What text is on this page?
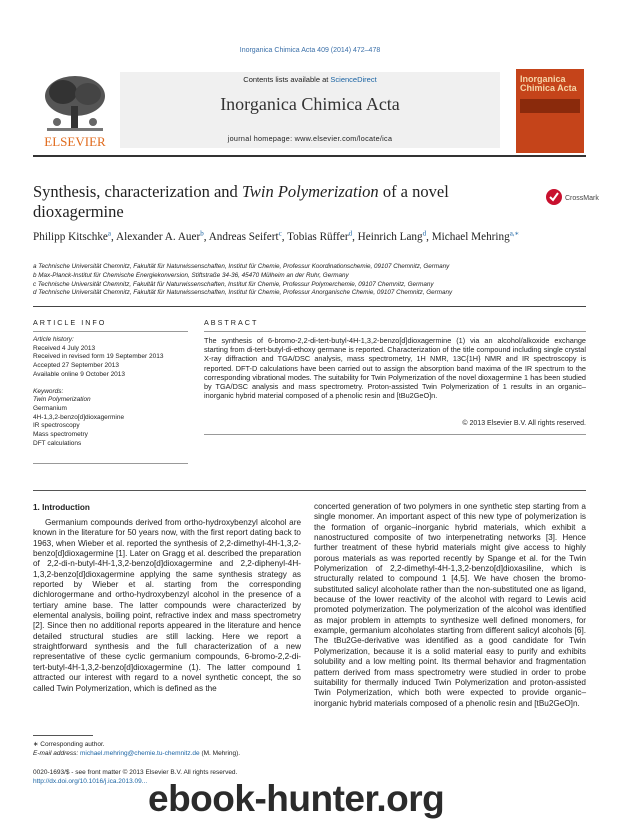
Inorganica Chimica Acta 409 (2014) 472–478
Contents lists available at ScienceDirect
Inorganica Chimica Acta
journal homepage: www.elsevier.com/locate/ica
ELSEVIER
Inorganica Chimica Acta
Synthesis, characterization and Twin Polymerization of a novel dioxagermine
CrossMark
Philipp Kitschke$^a$, Alexander A. Auer$^b$, Andreas Seifert$^c$, Tobias Rüffer$^d$, Heinrich Lang$^d$, Michael Mehring$^{a,∗}$
a Technische Universität Chemnitz, Fakultät für Naturwissenschaften, Institut für Chemie, Professur Koordinationschemie, 09107 Chemnitz, Germany
b Max-Planck-Institut für Chemische Energiekonversion, Stiftstraße 34-36, 45470 Mülheim an der Ruhr, Germany
c Technische Universität Chemnitz, Fakultät für Naturwissenschaften, Institut für Chemie, Professur Polymerchemie, 09107 Chemnitz, Germany
d Technische Universität Chemnitz, Fakultät für Naturwissenschaften, Institut für Chemie, Professur Anorganische Chemie, 09107 Chemnitz, Germany
ARTICLE INFO	ABSTRACT
Article history:
Received 4 July 2013
Received in revised form 19 September 2013
Accepted 27 September 2013
Available online 9 October 2013
Keywords:
Twin Polymerization
Germanium
4H-1,3,2-benzo[d]dioxagermine
IR spectroscopy
Mass spectrometry
DFT calculations
The synthesis of 6-bromo-2,2-di-tert-butyl-4H-1,3,2-benzo[d]dioxagermine (1) via an alcohol/alkoxide exchange starting from di-tert-butyl-di-ethoxy germane is reported. Characterization of the title compound including single crystal X-ray diffraction and TGA/DSC analysis, mass spectrometry, 1H NMR, 13C{1H} NMR and IR spectroscopy is reported. DFT-D calculations have been carried out to assign the absorption band maxima of the IR spectrum to the corresponding vibrational modes. The suitability for Twin Polymerization of the novel dioxagermine 1 has been studied by TGA/DSC analysis and mass spectrometry. Proton-assisted Twin Polymerization of 1 results in an organic–inorganic hybrid material composed of a phenolic resin and [tBu2GeO]n.
© 2013 Elsevier B.V. All rights reserved.
1. Introduction
Germanium compounds derived from ortho-hydroxybenzyl alcohol are known in the literature for 50 years now, with the first report dating back to 1963, when Wieber et al. reported the synthesis of 2,2-dimethyl-4H-1,3,2-benzo[d]dioxagermine [1]. Later on Gragg et al. described the preparation of 2,2-di-n-butyl-4H-1,3,2-benzo[d]dioxagermine and 2,2-diphenyl-4H-1,3,2-benzo[d]dioxagermine applying the same synthesis strategy as reported by Wieber et al. starting from the corresponding dichlorogermane and ortho-hydroxybenzyl alcohol in the presence of a tertiary amine base. The latter compounds were characterized by elemental analysis, boiling point, refractive index and mass spectrometry [2]. Since then no additional reports appeared in the literature and hence detailed structural studies are still lacking. Here we report a straightforward synthesis and the full characterization of a new representative of these cyclic germanium compounds, 6-bromo-2,2-di-tert-butyl-4H-1,3,2-benzo[d]dioxagermine (1). The latter compound 1 attracted our interest with regard to a novel synthetic concept, the so called Twin Polymerization, which is defined as the
concerted generation of two polymers in one synthetic step starting from a single monomer. An important aspect of this new type of polymerization is the formation of organic–inorganic hybrid materials, which exhibit a nanostructured composite of two interpenetrating networks [3]. Hence further treatment of these hybrid materials might give access to highly porous materials as was reported recently by Spange et al. for the Twin Polymerization of 2,2-dimethyl-4H-1,3,2-benzo[d]dioxasiline, which is structurally related to compound 1 [4,5]. We have chosen the bromo-substituted salicyl alcoholate rather than the non-substituted one as ligand, because of the lower reactivity of the alcohol with regard to Lewis acid promoted polymerization. The polymerization of the alcohol was identified as major problem in attempts to synthesize well defined monomers, for example, germanium alcoholates starting from different salicyl alcohols [6]. The tBu2Ge-derivative was identified as a good candidate for Twin Polymerization, because it is a solid material easy to purify and exhibits solubility and a low melting point. Its thermal behavior and fragmentation pattern derived from mass spectrometry were studied in order to probe suitability for thermally induced Twin Polymerization and proton-assisted Twin Polymerization, which both were expected to provide organic–inorganic hybrid materials composed of a phenolic resin and [tBu2GeO]n.
∗ Corresponding author.
E-mail address: michael.mehring@chemie.tu-chemnitz.de (M. Mehring).
0020-1693/$ - see front matter © 2013 Elsevier B.V. All rights reserved.
http://dx.doi.org/10.1016/j.ica.2013.09... ebook-hunter.org
